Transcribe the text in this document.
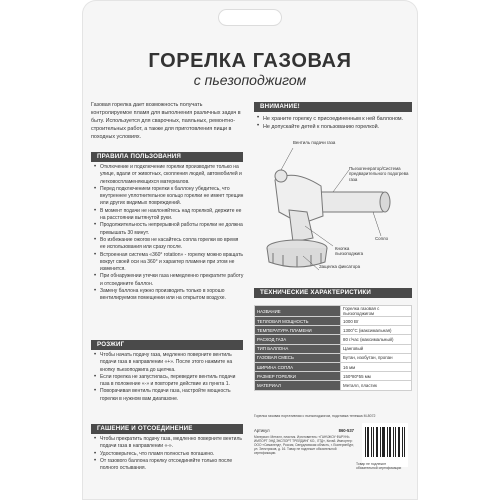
ГОРЕЛКА ГАЗОВАЯ
с пьезоподжигом

Газовая горелка дает возможность получать контролируемое пламя для выполнения различных задач в быту. Используется для сварочных, паяльных, ремонтно-строительных работ, а также для приготовления пищи в походных условиях.

ПРАВИЛА ПОЛЬЗОВАНИЯ
• Отключение и подключение горелки производите только на улице, вдали от животных, скопления людей, автомобилей и легковоспламеняющихся материалов.
• Перед подключением горелки к баллону убедитесь, что внутреннее уплотнительное кольцо горелки не имеет трещин или других видимых повреждений.
• В момент подачи не наклоняйтесь над горелкой, держите ее на расстоянии вытянутой руки.
• Продолжительность непрерывной работы горелки не должна превышать 30 минут.
• Во избежание ожогов не касайтесь сопла горелки во время ее использования или сразу после.
• Встроенная система «360° rotation» - горелку можно вращать вокруг своей оси на 360° и характер пламени при этом не изменится.
• При обнаружении утечки газа немедленно прекратите работу и отсоедините баллон.
• Замену баллона нужно производить только в хорошо вентилируемом помещении или на открытом воздухе.
РОЗЖИГ
• Чтобы начать подачу газа, медленно поверните вентиль подачи газа в направлении «+». После этого нажмите на кнопку пьезоподжига до щелчка.
• Если горелка не запустилась, переведите вентиль подачи газа в положение «-» и повторите действие из пункта 1.
• Поворачивая вентиль подачи газа, настройте мощность горелки в нужном вам диапазоне.
ГАШЕНИЕ И ОТСОЕДИНЕНИЕ
• Чтобы прекратить подачу газа, медленно поверните вентиль подачи газа в направлении «-».
• Удостоверьтесь, что пламя полностью погашено.
• От газового баллона горелку отсоединяйте только после полного остывания.
ВНИМАНИЕ!
• Не храните горелку с присоединенным к ней баллоном.
• Не допускайте детей к пользованию горелкой.
Вентиль подачи газа
Пьезогенератор/Система предварительного подогрева газа
Сопло
Кнопка пьезоподжига
Защелка фиксатора
ТЕХНИЧЕСКИЕ ХАРАКТЕРИСТИКИ
НАЗВАНИЕ	Горелка газовая с пьезоподжигом
ТЕПЛОВАЯ МОЩНОСТЬ	1000 Вт
ТЕМПЕРАТУРА ПЛАМЕНИ	1300°С (максимальная)
РАСХОД ГАЗА	80 г/час (максимальный)
ТИП БАЛЛОНА	Цанговый
ГАЗОВАЯ СМЕСЬ	Бутан, изобутан, пропан
ШИРИНА СОПЛА	16 мм
РАЗМЕР ГОРЕЛКИ	150*80*55 мм
МАТЕРИАЛ	Металл, пластик
Горелка газовая портативная с пьезоподжигом, подставка тележка M-8072
Артикул	860-537
Материал: Металл, пластик. Изготовитель: «ГАНЧЖОУ ФАРУНЬ ИМПОРТ ЭНД ЭКСПОРТ ТРЕЙДИНГ КО., ЛТД», Китай. Импортер: ООО «Сималенд», Россия, Свердловская область, г. Екатеринбург, ул. Электриков, д. 16. Товар не подлежит обязательной сертификации.
Товар не подлежит обязательной сертификации
